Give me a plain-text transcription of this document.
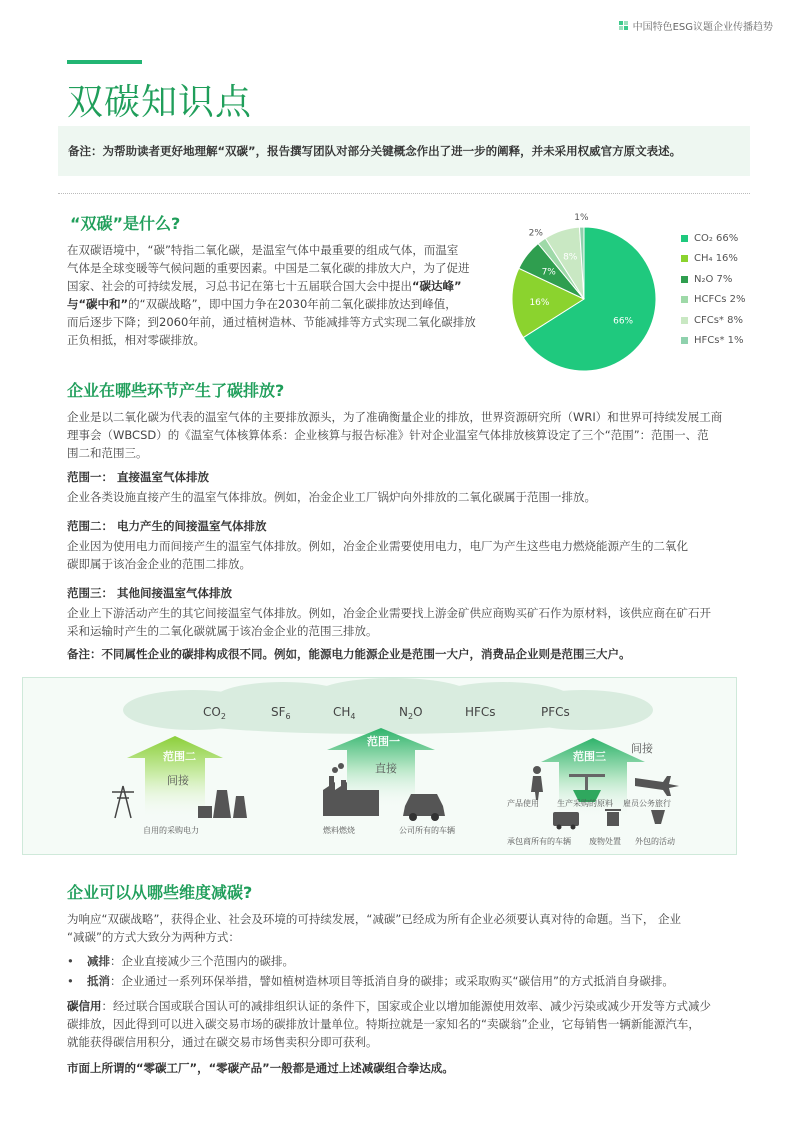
中国特色ESG议题企业传播趋势
双碳知识点
备注：为帮助读者更好地理解“双碳”，报告撰写团队对部分关键概念作出了进一步的阐释，并未采用权威官方原文表述。
“双碳”是什么?
在双碳语境中，“碳”特指二氧化碳，是温室气体中最重要的组成气体，而温室
气体是全球变暖等气候问题的重要因素。中国是二氧化碳的排放大户，为了促进
国家、社会的可持续发展，习总书记在第七十五届联合国大会中提出“碳达峰”
与“碳中和”的“双碳战略”，即中国力争在2030年前二氧化碳排放达到峰值，
而后逐步下降；到2060年前，通过植树造林、节能减排等方式实现二氧化碳排放
正负相抵，相对零碳排放。
66%
16%
7%
2%
8%
1%
CO₂ 66%
CH₄ 16%
N₂O 7%
HCFCs 2%
CFCs* 8%
HFCs* 1%
企业在哪些环节产生了碳排放?
企业是以二氧化碳为代表的温室气体的主要排放源头，为了准确衡量企业的排放，世界资源研究所（WRI）和世界可持续发展工商
理事会（WBCSD）的《温室气体核算体系：企业核算与报告标准》针对企业温室气体排放核算设定了三个“范围”：范围一、范
围二和范围三。
范围一： 直接温室气体排放
企业各类设施直接产生的温室气体排放。例如，冶金企业工厂锅炉向外排放的二氧化碳属于范围一排放。
范围二： 电力产生的间接温室气体排放
企业因为使用电力而间接产生的温室气体排放。例如，冶金企业需要使用电力，电厂为产生这些电力燃烧能源产生的二氧化
碳即属于该冶金企业的范围二排放。
范围三： 其他间接温室气体排放
企业上下游活动产生的其它间接温室气体排放。例如，冶金企业需要找上游金矿供应商购买矿石作为原材料，该供应商在矿石开
采和运输时产生的二氧化碳就属于该冶金企业的范围三排放。
备注：不同属性企业的碳排构成很不同。例如，能源电力能源企业是范围一大户，消费品企业则是范围三大户。
$CO_2$	$SF_6$	$CH_4$	$N_2O$	HFCs	PFCs
范围二
间接
范围一
直接
范围三
间接
自用的采购电力	燃料燃烧	公司所有的车辆
产品使用 生产采购的原料 雇员公务旅行
承包商所有的车辆 废物处置 外包的活动
企业可以从哪些维度减碳?
为响应“双碳战略”，获得企业、社会及环境的可持续发展，“减碳”已经成为所有企业必须要认真对待的命题。当下， 企业
“减碳”的方式大致分为两种方式：
• 减排：企业直接减少三个范围内的碳排。
• 抵消：企业通过一系列环保举措，譬如植树造林项目等抵消自身的碳排；或采取购买“碳信用”的方式抵消自身碳排。
碳信用：经过联合国或联合国认可的减排组织认证的条件下，国家或企业以增加能源使用效率、减少污染或减少开发等方式减少
碳排放，因此得到可以进入碳交易市场的碳排放计量单位。特斯拉就是一家知名的“卖碳翁”企业，它每销售一辆新能源汽车，
就能获得碳信用积分，通过在碳交易市场售卖积分即可获利。
市面上所谓的“零碳工厂”，“零碳产品”一般都是通过上述减碳组合拳达成。
